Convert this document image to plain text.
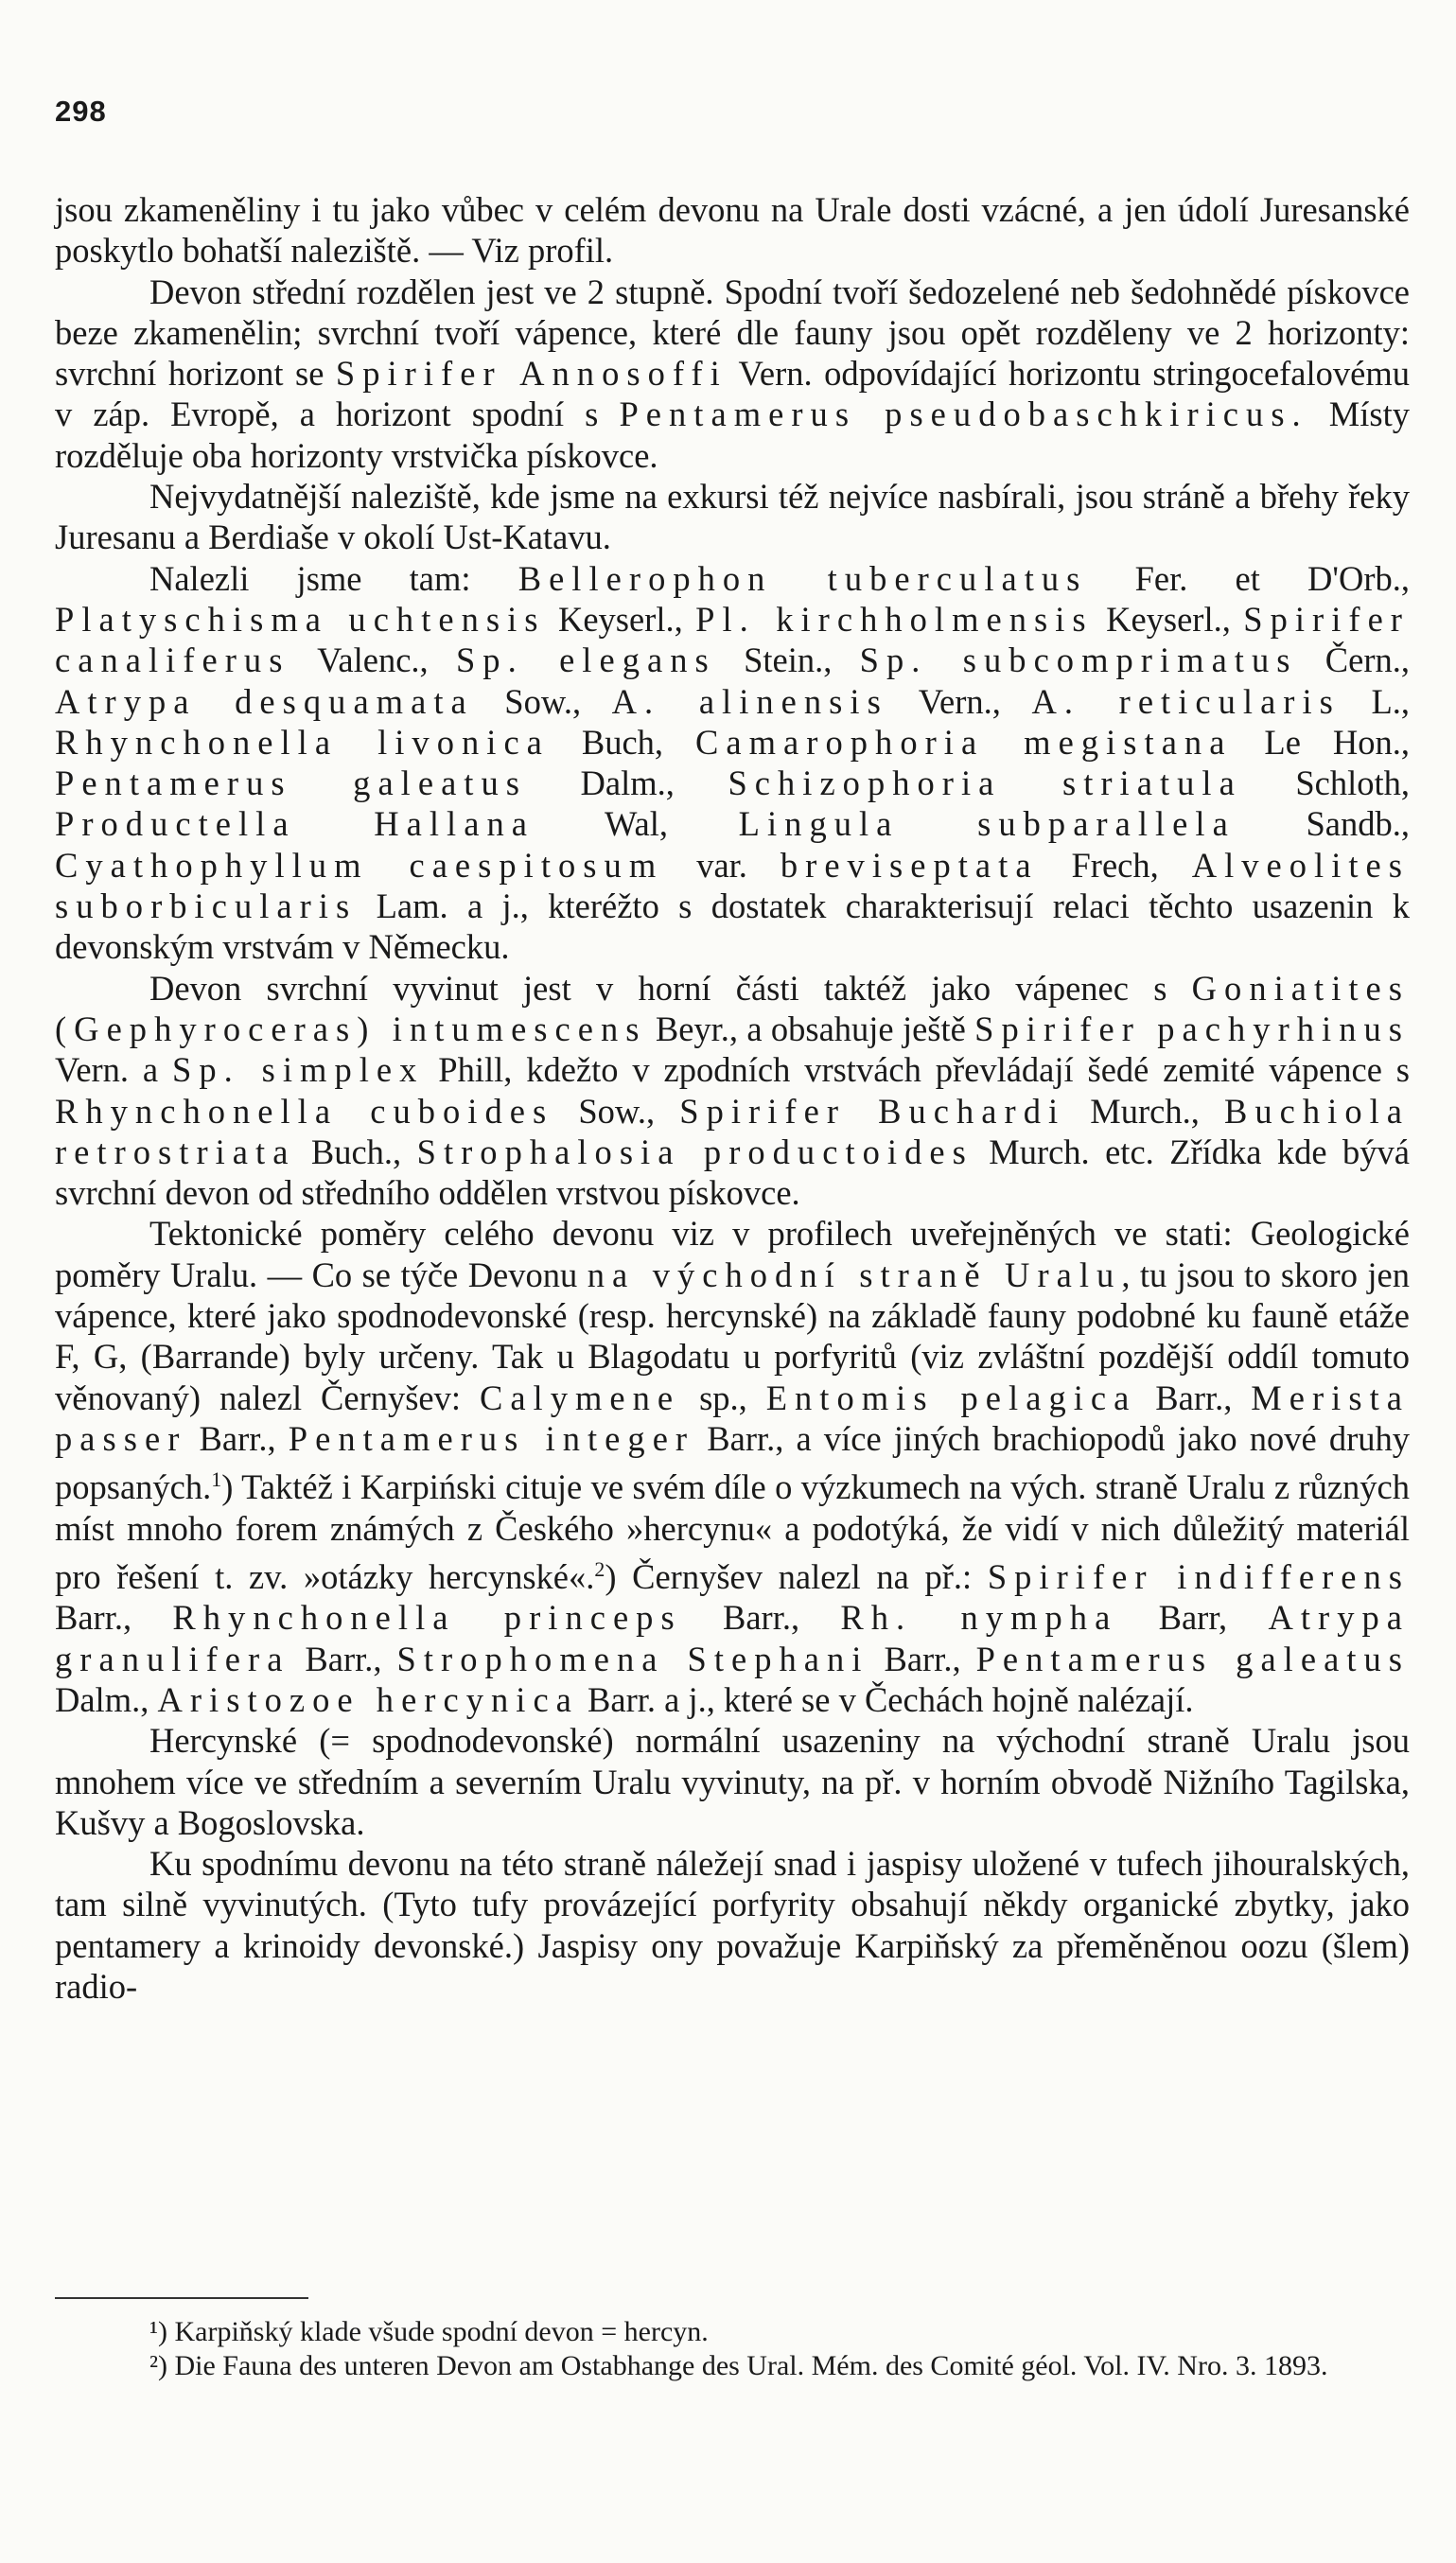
298

jsou zkameněliny i tu jako vůbec v celém devonu na Urale dosti vzácné, a jen údolí Juresanské poskytlo bohatší naleziště. — Viz profil.

Devon střední rozdělen jest ve 2 stupně. Spodní tvoří šedozelené neb šedohnědé pískovce beze zkamenělin; svrchní tvoří vápence, které dle fauny jsou opět rozděleny ve 2 horizonty: svrchní horizont se Spirifer Annosoffi Vern. odpovídající horizontu stringocefalovému v záp. Evropě, a horizont spodní s Pentamerus pseudobaschkiricus. Místy rozděluje oba horizonty vrstvička pískovce.

Nejvydatnější naleziště, kde jsme na exkursi též nejvíce nasbírali, jsou stráně a břehy řeky Juresanu a Berdiaše v okolí Ust-Katavu.

Nalezli jsme tam: Bellerophon tuberculatus Fer. et D'Orb., Platyschisma uchtensis Keyserl., Pl. kirchholmensis Keyserl., Spirifer canaliferus Valenc., Sp. elegans Stein., Sp. subcomprimatus Čern., Atrypa desquamata Sow., A. alinensis Vern., A. reticularis L., Rhynchonella livonica Buch, Camarophoria megistana Le Hon., Pentamerus galeatus Dalm., Schizophoria striatula Schloth, Productella Hallana Wal, Lingula subparallela Sandb., Cyathophyllum caespitosum var. breviseptata Frech, Alveolites suborbicularis Lam. a j., kteréžto s dostatek charakterisují relaci těchto usazenin k devonským vrstvám v Německu.

Devon svrchní vyvinut jest v horní části taktéž jako vápenec s Goniatites (Gephyroceras) intumescens Beyr., a obsahuje ještě Spirifer pachyrhinus Vern. a Sp. simplex Phill, kdežto v zpodních vrstvách převládají šedé zemité vápence s Rhynchonella cuboides Sow., Spirifer Buchardi Murch., Buchiola retrostriata Buch., Strophalosia productoides Murch. etc. Zřídka kde bývá svrchní devon od středního oddělen vrstvou pískovce.

Tektonické poměry celého devonu viz v profilech uveřejněných ve stati: Geologické poměry Uralu. — Co se týče Devonu na východní straně Uralu, tu jsou to skoro jen vápence, které jako spodnodevonské (resp. hercynské) na základě fauny podobné ku fauně etáže F, G, (Barrande) byly určeny. Tak u Blagodatu u porfyritů (viz zvláštní pozdější oddíl tomuto věnovaný) nalezl Černyšev: Calymene sp., Entomis pelagica Barr., Merista passer Barr., Pentamerus integer Barr., a více jiných brachiopodů jako nové druhy popsaných.$^1$) Taktéž i Karpiński cituje ve svém díle o výzkumech na vých. straně Uralu z různých míst mnoho forem známých z Českého »hercynu« a podotýká, že vidí v nich důležitý materiál pro řešení t. zv. »otázky hercynské«.$^2$) Černyšev nalezl na př.: Spirifer indifferens Barr., Rhynchonella princeps Barr., Rh. nympha Barr, Atrypa granulifera Barr., Strophomena Stephani Barr., Pentamerus galeatus Dalm., Aristozoe hercynica Barr. a j., které se v Čechách hojně nalézají.

Hercynské (= spodnodevonské) normální usazeniny na východní straně Uralu jsou mnohem více ve středním a severním Uralu vyvinuty, na př. v horním obvodě Nižního Tagilska, Kušvy a Bogoslovska.

Ku spodnímu devonu na této straně náležejí snad i jaspisy uložené v tufech jihouralských, tam silně vyvinutých. (Tyto tufy provázející porfyrity obsahují někdy organické zbytky, jako pentamery a krinoidy devonské.) Jaspisy ony považuje Karpiňský za přeměněnou oozu (šlem) radio-

¹) Karpiňský klade všude spodní devon = hercyn.

²) Die Fauna des unteren Devon am Ostabhange des Ural. Mém. des Comité géol. Vol. IV. Nro. 3. 1893.
